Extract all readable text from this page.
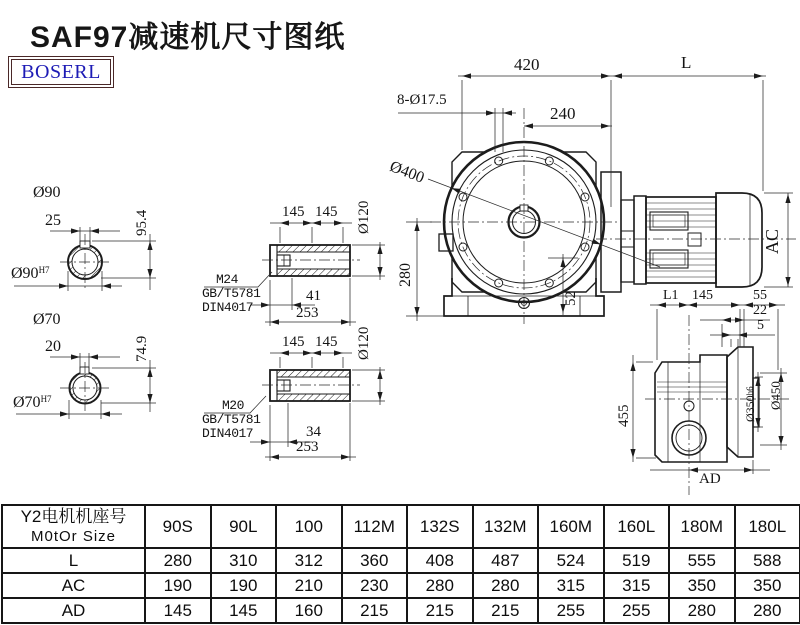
SAF97减速机尺寸图纸
BOSERL
Ø90
25	95.4
$Ø90^{H7}$
Ø70
20	74.9
$Ø70^{H7}$
145 145 Ø120
M24
GB/T5781
DIN4017
41
253
145 145 Ø120
M20
GB/T5781
DIN4017	34
253
420	L
8-Ø17.5
240
Ø400
280
52
AC
L1 145	55
22
5
455	Ø350h6 Ø450
AD
Y2电机机座号
M0tOr Size	90S	90L	100	112M	132S	132M	160M	160L	180M	180L
L	280	310	312	360	408	487	524	519	555	588
AC	190	190	210	230	280	280	315	315	350	350
AD	145	145	160	215	215	215	255	255	280	280
